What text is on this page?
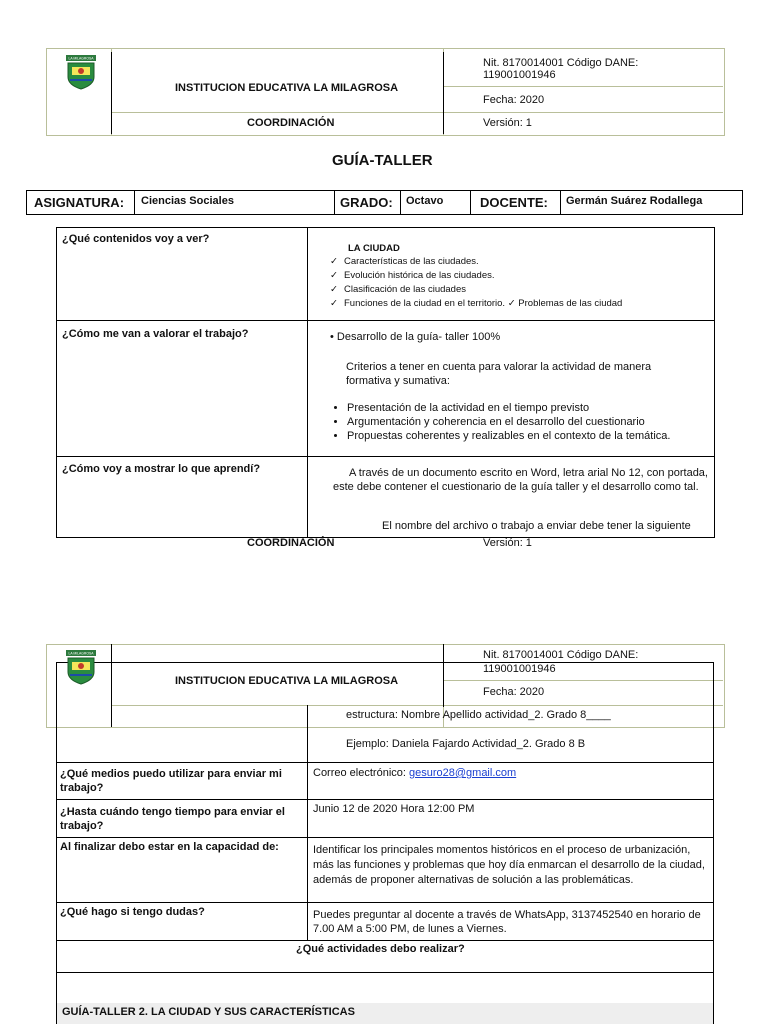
LA MILAGROSA
INSTITUCION EDUCATIVA LA MILAGROSA
Nit. 8170014001 Código DANE:
119001001946
Fecha: 2020
COORDINACIÓN	Versión: 1
GUÍA-TALLER
ASIGNATURA: Ciencias Sociales	GRADO: Octavo	DOCENTE: Germán Suárez Rodallega
¿Qué contenidos voy a ver?
LA CIUDAD
✓ Características de las ciudades.
✓ Evolución histórica de las ciudades.
✓ Clasificación de las ciudades
✓ Funciones de la ciudad en el territorio. ✓ Problemas de las ciudad
¿Cómo me van a valorar el trabajo?	• Desarrollo de la guía- taller 100%
Criterios a tener en cuenta para valorar la actividad de manera formativa y sumativa:
• Presentación de la actividad en el tiempo previsto
• Argumentación y coherencia en el desarrollo del cuestionario
• Propuestas coherentes y realizables en el contexto de la temática.
¿Cómo voy a mostrar lo que aprendí?	A través de un documento escrito en Word, letra arial No 12, con portada, este debe contener el cuestionario de la guía taller y el desarrollo como tal.
El nombre del archivo o trabajo a enviar debe tener la siguiente
COORDINACIÓN	Versión: 1
LA MILAGROSA
INSTITUCION EDUCATIVA LA MILAGROSA
Nit. 8170014001 Código DANE:
119001001946
Fecha: 2020
estructura: Nombre Apellido actividad_2. Grado 8____
Ejemplo: Daniela Fajardo Actividad_2. Grado 8 B
¿Qué medios puedo utilizar para enviar mi trabajo?
Correo electrónico: gesuro28@gmail.com
¿Hasta cuándo tengo tiempo para enviar el trabajo?
Junio 12 de 2020 Hora 12:00 PM
Al finalizar debo estar en la capacidad de:	Identificar los principales momentos históricos en el proceso de urbanización, más las funciones y problemas que hoy día enmarcan el desarrollo de la ciudad, además de proponer alternativas de solución a las problemáticas.
¿Qué hago si tengo dudas?	Puedes preguntar al docente a través de WhatsApp, 3137452540 en horario de 7.00 AM a 5:00 PM, de lunes a Viernes.
¿Qué actividades debo realizar?
GUÍA-TALLER 2. LA CIUDAD Y SUS CARACTERÍSTICAS
